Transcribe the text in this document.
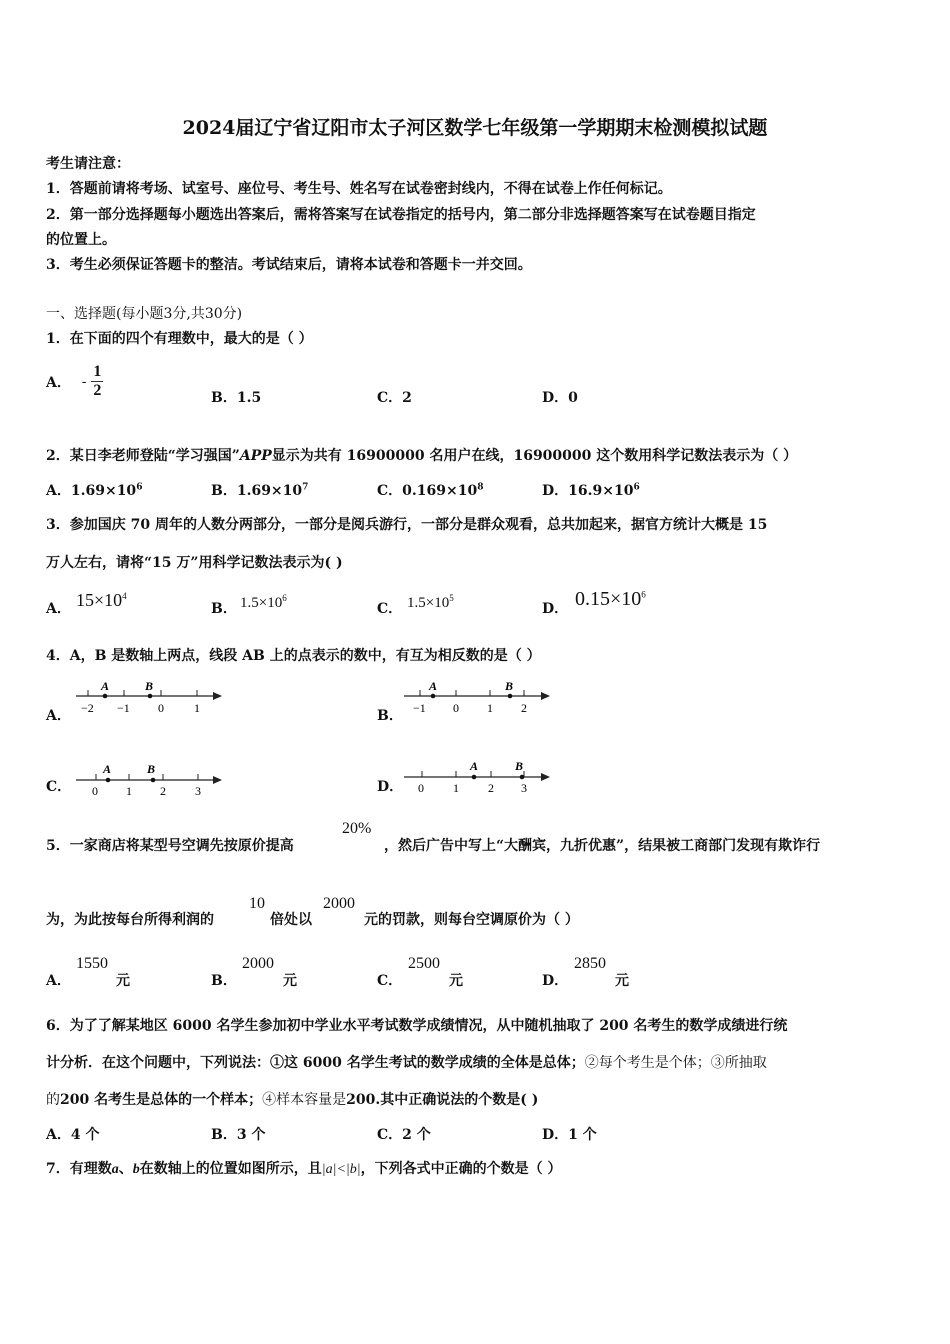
2024届辽宁省辽阳市太子河区数学七年级第一学期期末检测模拟试题
考生请注意：
1．答题前请将考场、试室号、座位号、考生号、姓名写在试卷密封线内，不得在试卷上作任何标记。
2．第一部分选择题每小题选出答案后，需将答案写在试卷指定的括号内，第二部分非选择题答案写在试卷题目指定
的位置上。
3．考生必须保证答题卡的整洁。考试结束后，请将本试卷和答题卡一并交回。
一、选择题(每小题3分,共30分)
1．在下面的四个有理数中，最大的是（ ）
A． - $\frac{1}{2}$	B．1.5	C．2	D．0
2．某日李老师登陆“学习强国”APP显示为共有 16900000 名用户在线，16900000 这个数用科学记数法表示为（ ）
A．$1.69\times 10^6$	B．$1.69\times 10^7$	C．$0.169\times 10^8$	D．$16.9\times 10^6$
3．参加国庆 70 周年的人数分两部分，一部分是阅兵游行，一部分是群众观看，总共加起来，据官方统计大概是 15
万人左右，请将“15 万”用科学记数法表示为( )
A． $15\times 10^4$
B． $1.5\times 10^6$
C． $1.5\times 10^5$
D． $0.15\times 10^6$
4．A，B 是数轴上两点，线段 AB 上的点表示的数中，有互为相反数的是（ ）
A．
A	B
−2 −1 0	1	B．
A	B
−1 0 1 2
C．
A	B
0 1 2 3	D．
A	B
0 1 2 3
5．一家商店将某型号空调先按原价提高
20%
，然后广告中写上“大酬宾，九折优惠”，结果被工商部门发现有欺诈行
为，为此按每台所得利润的
10
倍处以
2000
元的罚款，则每台空调原价为（ ）
A．
1550
元	B．
2000
元	C．
2500
元	D．
2850
元
6．为了了解某地区 6000 名学生参加初中学业水平考试数学成绩情况，从中随机抽取了 200 名考生的数学成绩进行统
计分析．在这个问题中，下列说法：①这 6000 名学生考试的数学成绩的全体是总体；②每个考生是个体；③所抽取
的200 名考生是总体的一个样本；④样本容量是200.其中正确说法的个数是( )
A．4 个	B．3 个	C．2 个	D．1 个
7．有理数a、b在数轴上的位置如图所示，且|a|<|b|，下列各式中正确的个数是（ ）
